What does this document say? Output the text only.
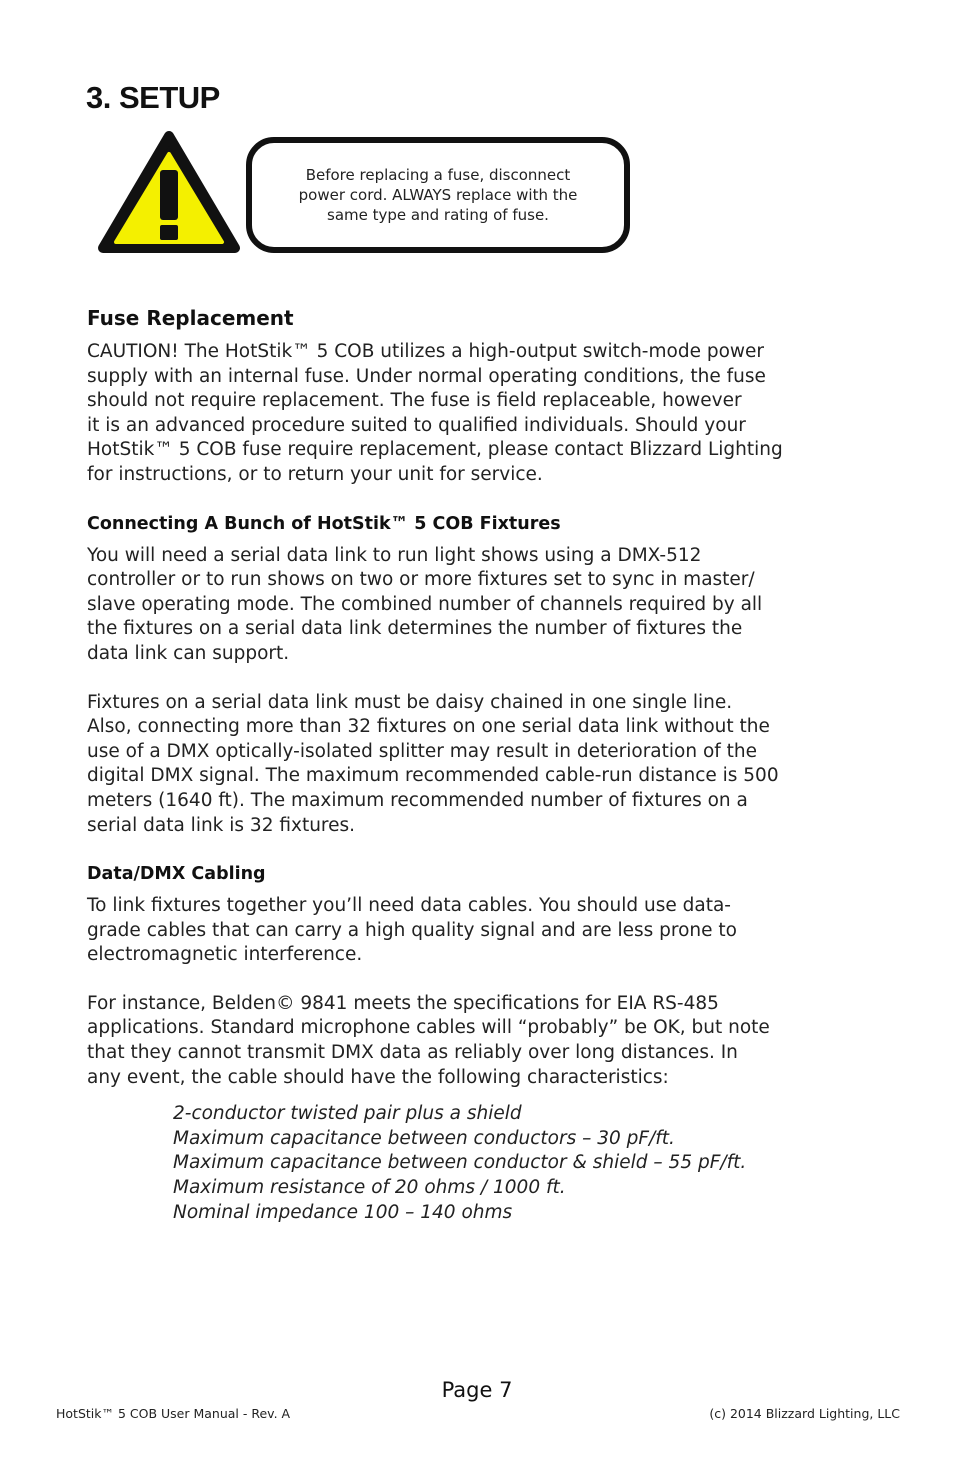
3. SETUP
Before replacing a fuse, disconnect
power cord. ALWAYS replace with the
same type and rating of fuse.
Fuse Replacement
CAUTION! The HotStik™ 5 COB utilizes a high-output switch-mode power
supply with an internal fuse. Under normal operating conditions, the fuse
should not require replacement. The fuse is field replaceable, however
it is an advanced procedure suited to qualified individuals. Should your
HotStik™ 5 COB fuse require replacement, please contact Blizzard Lighting
for instructions, or to return your unit for service.
Connecting A Bunch of HotStik™ 5 COB Fixtures
You will need a serial data link to run light shows using a DMX-512
controller or to run shows on two or more fixtures set to sync in master/
slave operating mode. The combined number of channels required by all
the fixtures on a serial data link determines the number of fixtures the
data link can support.
Fixtures on a serial data link must be daisy chained in one single line.
Also, connecting more than 32 fixtures on one serial data link without the
use of a DMX optically-isolated splitter may result in deterioration of the
digital DMX signal. The maximum recommended cable-run distance is 500
meters (1640 ft). The maximum recommended number of fixtures on a
serial data link is 32 fixtures.
Data/DMX Cabling
To link fixtures together you’ll need data cables. You should use data-
grade cables that can carry a high quality signal and are less prone to
electromagnetic interference.
For instance, Belden© 9841 meets the specifications for EIA RS-485
applications. Standard microphone cables will “probably” be OK, but note
that they cannot transmit DMX data as reliably over long distances. In
any event, the cable should have the following characteristics:
2-conductor twisted pair plus a shield
Maximum capacitance between conductors – 30 pF/ft.
Maximum capacitance between conductor & shield – 55 pF/ft.
Maximum resistance of 20 ohms / 1000 ft.
Nominal impedance 100 – 140 ohms
Page 7
HotStik™ 5 COB User Manual - Rev. A	(c) 2014 Blizzard Lighting, LLC
